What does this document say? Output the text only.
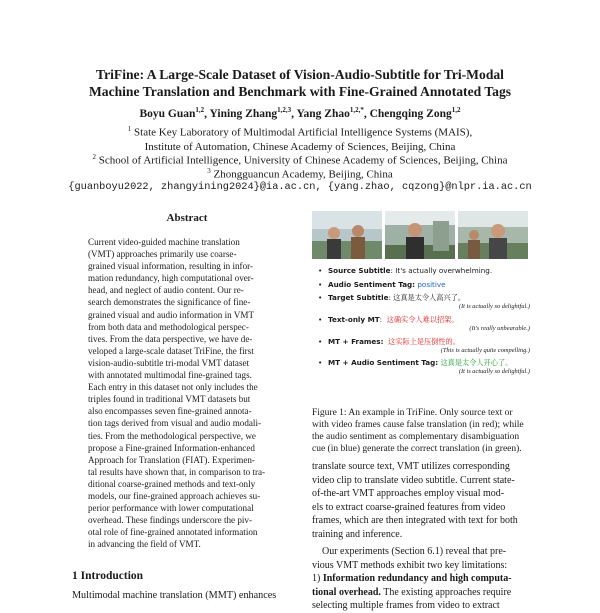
TriFine: A Large-Scale Dataset of Vision-Audio-Subtitle for Tri-Modal
Machine Translation and Benchmark with Fine-Grained Annotated Tags
Boyu Guan$^{1,2}$, Yining Zhang$^{1,2,3}$, Yang Zhao$^{1,2,*}$, Chengqing Zong$^{1,2}$
$^1$ State Key Laboratory of Multimodal Artificial Intelligence Systems (MAIS),
Institute of Automation, Chinese Academy of Sciences, Beijing, China
$^2$ School of Artificial Intelligence, University of Chinese Academy of Sciences, Beijing, China
$^3$ Zhongguancun Academy, Beijing, China
{guanboyu2022, zhangyining2024}@ia.ac.cn, {yang.zhao, cqzong}@nlpr.ia.ac.cn
Abstract

Current video-guided machine translation

(VMT) approaches primarily use coarse-

grained visual information, resulting in infor-

mation redundancy, high computational over-

head, and neglect of audio content. Our re-

search demonstrates the significance of fine-

grained visual and audio information in VMT

from both data and methodological perspec-

tives. From the data perspective, we have de-

veloped a large-scale dataset TriFine, the first

vision-audio-subtitle tri-modal VMT dataset

with annotated multimodal fine-grained tags.

Each entry in this dataset not only includes the

triples found in traditional VMT datasets but

also encompasses seven fine-grained annota-

tion tags derived from visual and audio modali-

ties. From the methodological perspective, we

propose a Fine-grained Information-enhanced

Approach for Translation (FIAT). Experimen-

tal results have shown that, in comparison to tra-

ditional coarse-grained methods and text-only

models, our fine-grained approach achieves su-

perior performance with lower computational

overhead. These findings underscore the piv-

otal role of fine-grained annotated information

in advancing the field of VMT.

1 Introduction
Multimodal machine translation (MMT) enhances
• Source Subtitle: It's actually overwhelming.
• Audio Sentiment Tag: positive
• Target Subtitle: 这真是太令人高兴了。
(It is actually so delightful.)
• Text-only MT:  这确实令人难以招架。
(It's really unbearable.)
• MT + Frames: 这实际上是压倒性的。
(This is actually quite compelling.)
• MT + Audio Sentiment Tag: 这真是太令人开心了。
(It is actually so delightful.)

Figure 1: An example in TriFine. Only source text or

with video frames cause false translation (in red); while

the audio sentiment as complementary disambiguation

cue (in blue) generate the correct translation (in green).

translate source text, VMT utilizes corresponding

video clip to translate video subtitle. Current state-

of-the-art VMT approaches employ visual mod-

els to extract coarse-grained features from video

frames, which are then integrated with text for both

training and inference.

Our experiments (Section 6.1) reveal that pre-

vious VMT methods exhibit two key limitations:

1) Information redundancy and high computa-

tional overhead. The existing approaches require

selecting multiple frames from video to extract
